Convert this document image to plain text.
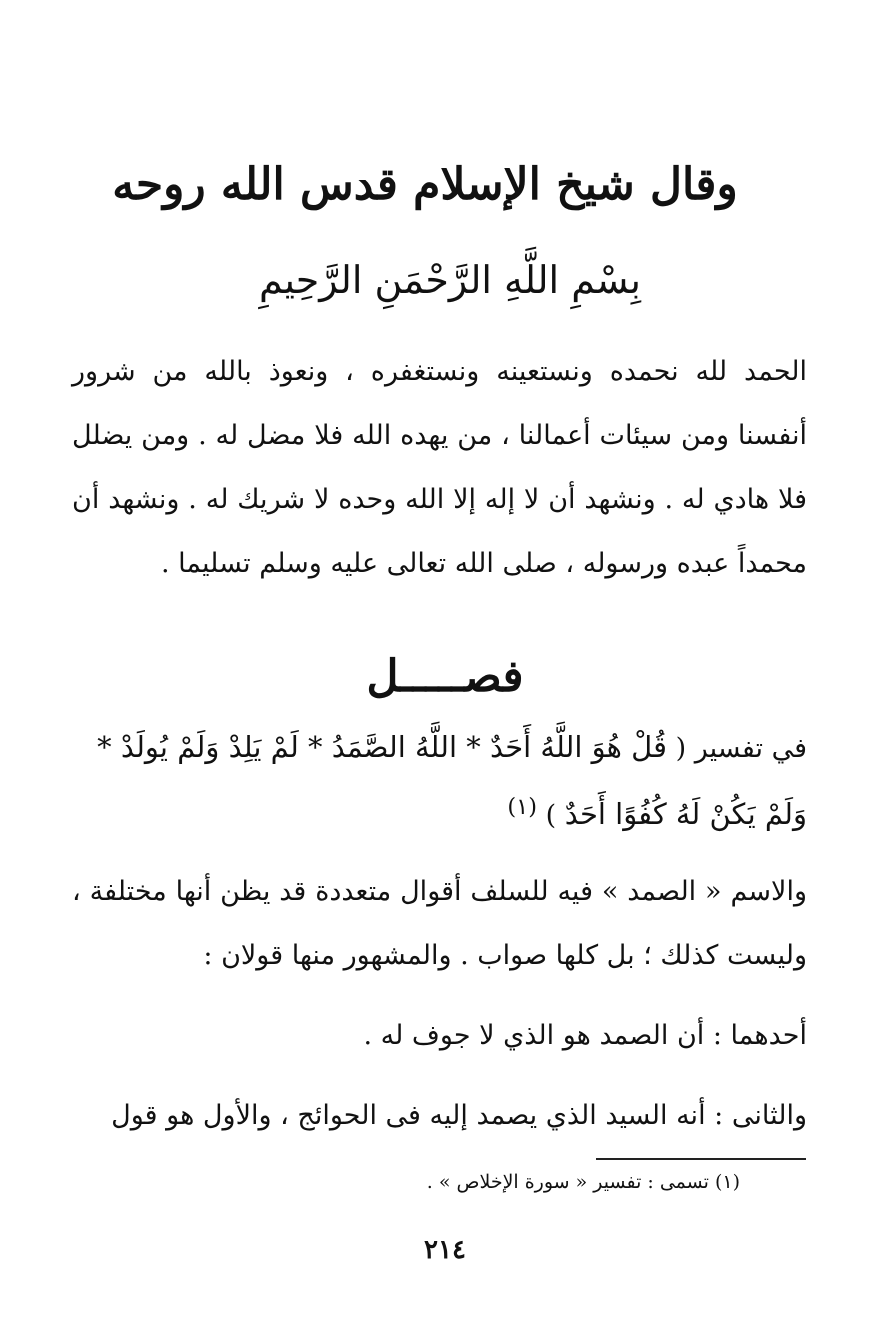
وقال شيخ الإسلام قدس الله روحه
بِسْمِ اللَّهِ الرَّحْمَنِ الرَّحِيمِ
الحمد لله نحمده ونستعينه ونستغفره ، ونعوذ بالله من شرور أنفسنا ومن سيئات أعمالنا ، من يهده الله فلا مضل له . ومن يضلل فلا هادي له . ونشهد أن لا إله إلا الله وحده لا شريك له . ونشهد أن محمداً عبده ورسوله ، صلى الله تعالى عليه وسلم تسليما .
فصـــــل
في تفسير ( قُلْ هُوَ اللَّهُ أَحَدٌ * اللَّهُ الصَّمَدُ * لَمْ يَلِدْ وَلَمْ يُولَدْ * وَلَمْ يَكُنْ لَهُ كُفُوًا أَحَدٌ ) $^{(١)}$
والاسم « الصمد » فيه للسلف أقوال متعددة قد يظن أنها مختلفة ، وليست كذلك ؛ بل كلها صواب . والمشهور منها قولان :
أحدهما : أن الصمد هو الذي لا جوف له .
والثانى : أنه السيد الذي يصمد إليه فى الحوائج ، والأول هو قول
(١) تسمى : تفسير « سورة الإخلاص » .
٢١٤
